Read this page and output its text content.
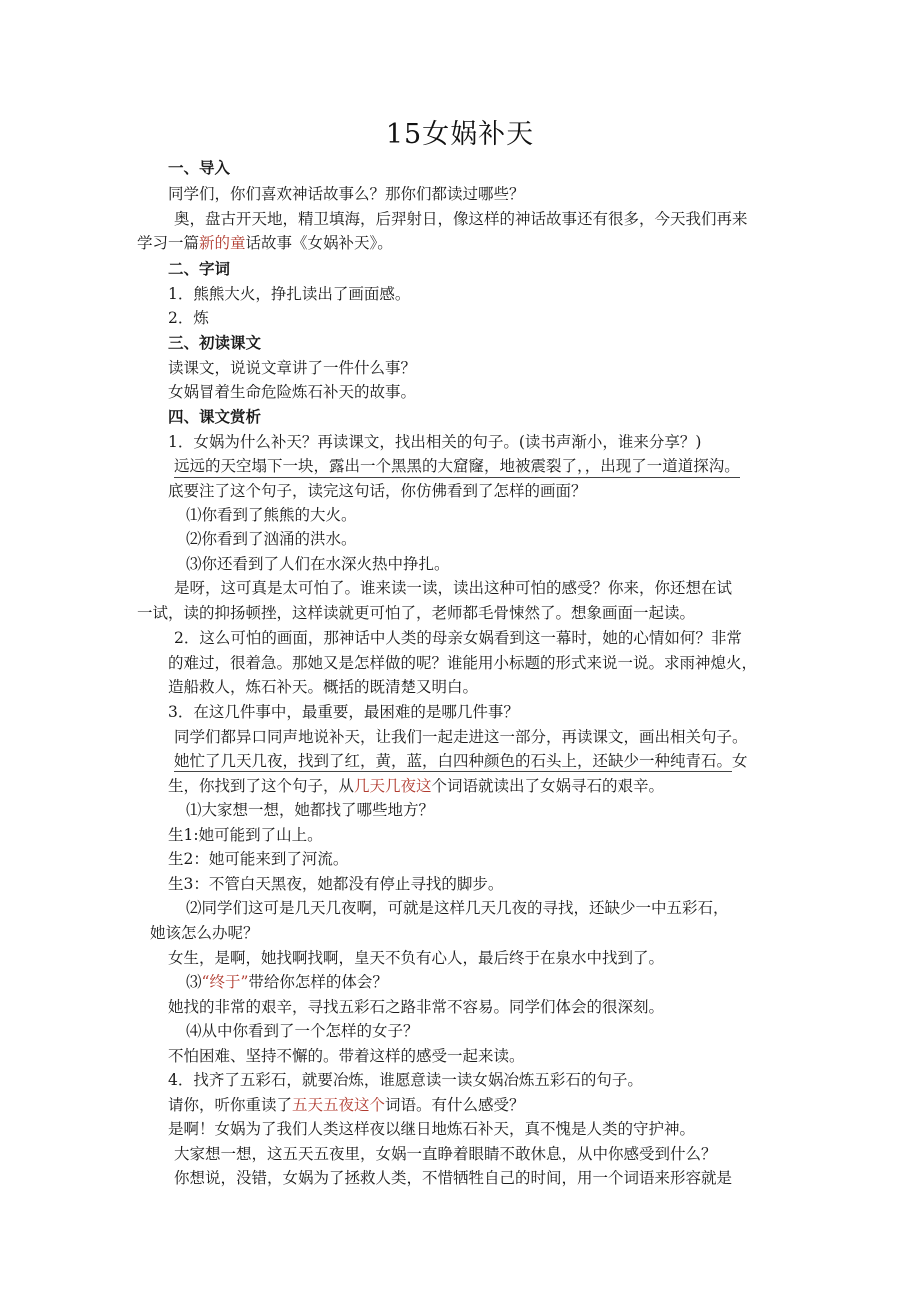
15女娲补天
一、导入
同学们，你们喜欢神话故事么？那你们都读过哪些？
奥，盘古开天地，精卫填海，后羿射日，像这样的神话故事还有很多，今天我们再来
学习一篇新的童话故事《女娲补天》。
二、字词
1．熊熊大火，挣扎读出了画面感。
2．炼
三、初读课文
读课文，说说文章讲了一件什么事？
女娲冒着生命危险炼石补天的故事。
四、课文赏析
1．女娲为什么补天？再读课文，找出相关的句子。(读书声渐小，谁来分享？)
远远的天空塌下一块，露出一个黑黑的大窟窿，地被震裂了，，出现了一道道探沟。
底要注了这个句子，读完这句话，你仿佛看到了怎样的画面？
⑴你看到了熊熊的大火。
⑵你看到了汹涌的洪水。
⑶你还看到了人们在水深火热中挣扎。
是呀，这可真是太可怕了。谁来读一读，读出这种可怕的感受？你来，你还想在试
一试，读的抑扬顿挫，这样读就更可怕了，老师都毛骨悚然了。想象画面一起读。
2．这么可怕的画面，那神话中人类的母亲女娲看到这一幕时，她的心情如何？非常
的难过，很着急。那她又是怎样做的呢？谁能用小标题的形式来说一说。求雨神熄火，
造船救人，炼石补天。概括的既清楚又明白。
3．在这几件事中，最重要，最困难的是哪几件事？
同学们都异口同声地说补天，让我们一起走进这一部分，再读课文，画出相关句子。
她忙了几天几夜，找到了红，黄，蓝，白四种颜色的石头上，还缺少一种纯青石。女
生，你找到了这个句子，从几天几夜这个词语就读出了女娲寻石的艰辛。
⑴大家想一想，她都找了哪些地方？
生1:她可能到了山上。
生2：她可能来到了河流。
生3：不管白天黑夜，她都没有停止寻找的脚步。
⑵同学们这可是几天几夜啊，可就是这样几天几夜的寻找，还缺少一中五彩石，
她该怎么办呢？
女生，是啊，她找啊找啊，皇天不负有心人，最后终于在泉水中找到了。
⑶“终于”带给你怎样的体会？
她找的非常的艰辛，寻找五彩石之路非常不容易。同学们体会的很深刻。
⑷从中你看到了一个怎样的女子？
不怕困难、坚持不懈的。带着这样的感受一起来读。
4．找齐了五彩石，就要冶炼，谁愿意读一读女娲冶炼五彩石的句子。
请你，听你重读了五天五夜这个词语。有什么感受？
是啊！女娲为了我们人类这样夜以继日地炼石补天，真不愧是人类的守护神。
大家想一想，这五天五夜里，女娲一直睁着眼睛不敢休息，从中你感受到什么？
你想说，没错，女娲为了拯救人类，不惜牺牲自己的时间，用一个词语来形容就是
